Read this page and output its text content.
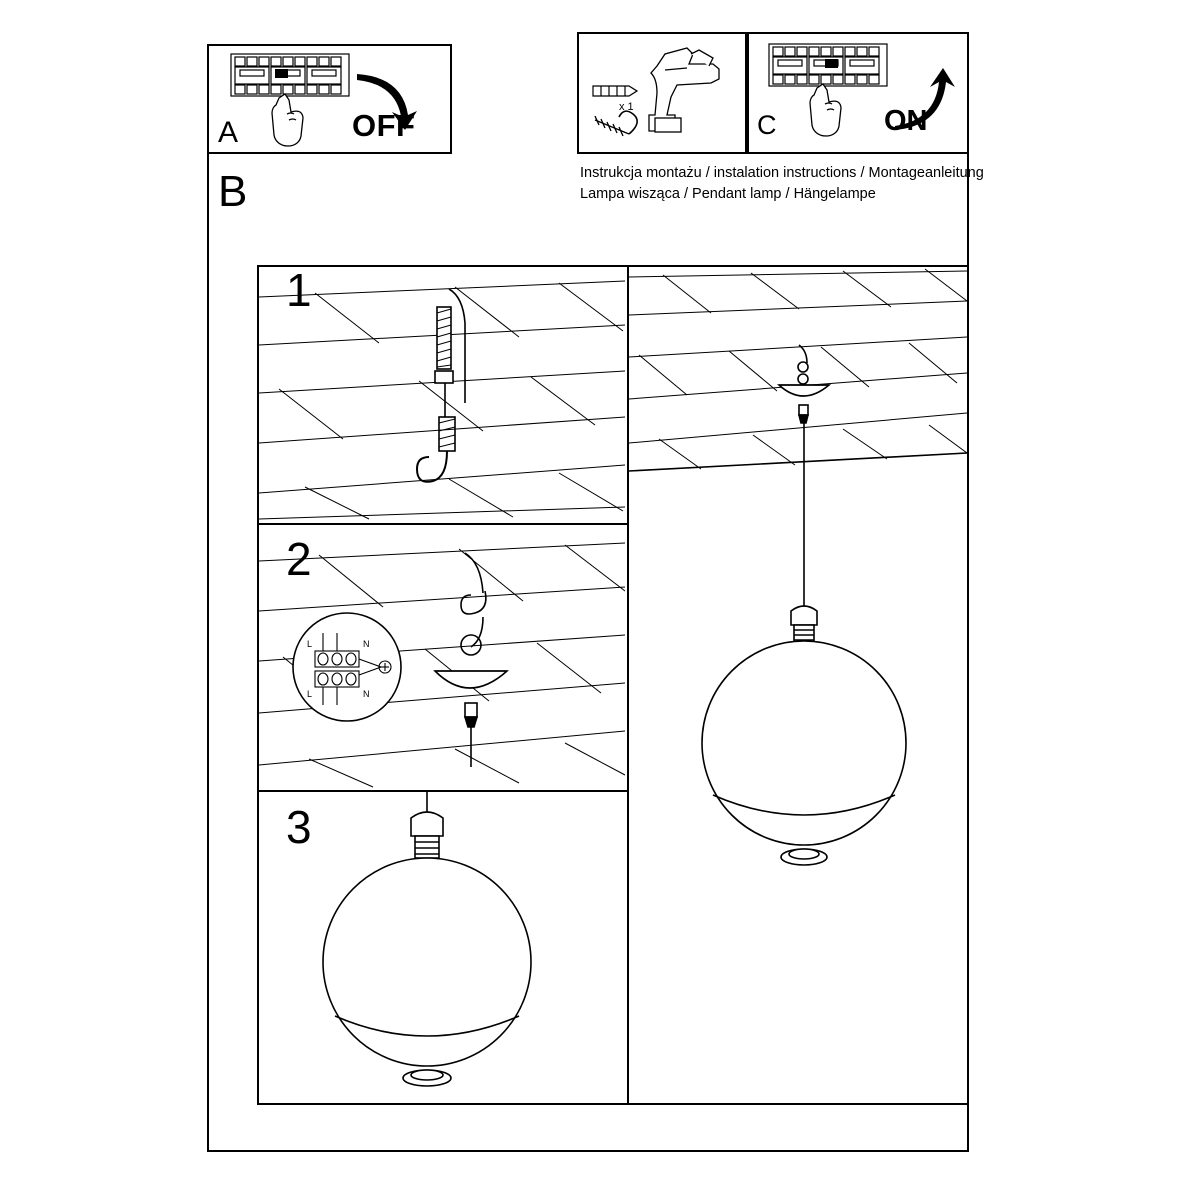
A	OFF
B
x 1
C	ON
Instrukcja montażu / instalation instructions / Montageanleitung
Lampa wisząca / Pendant lamp / Hängelampe
1
2
3
L	N
L	N
